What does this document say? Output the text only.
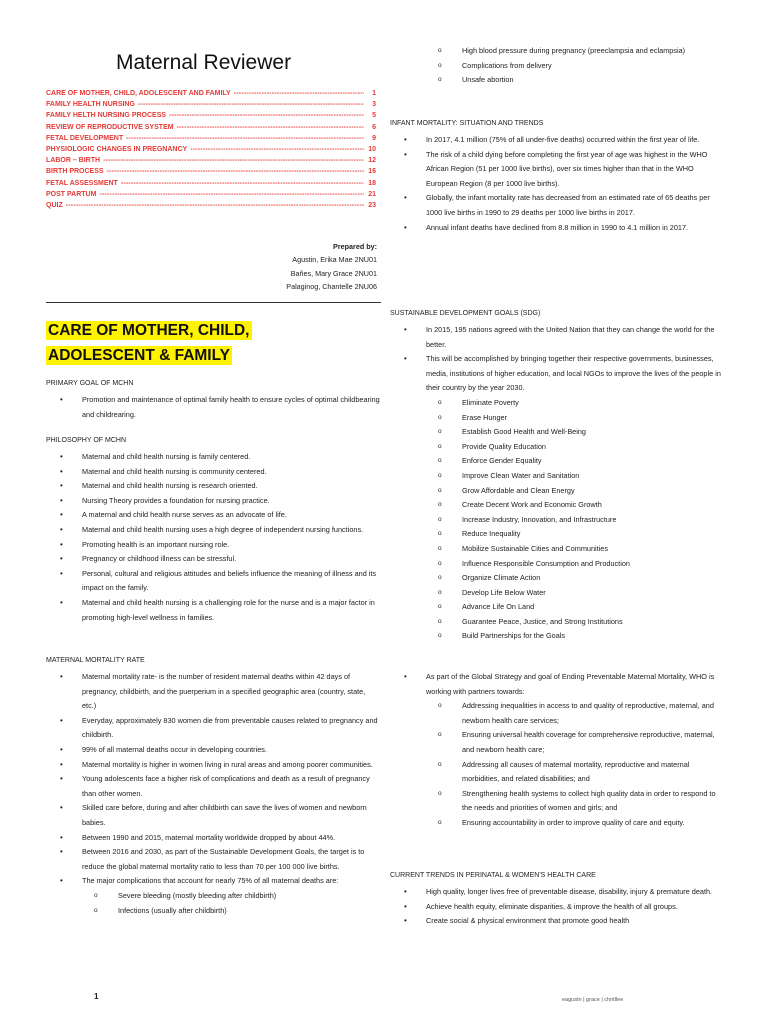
Maternal Reviewer
CARE OF MOTHER, CHILD, ADOLESCENT AND FAMILY -----	1
FAMILY HEALTH NURSING -----	3
FAMILY HELTH NURSING PROCESS -----	5
REVIEW OF REPRODUCTIVE SYSTEM -----	6
FETAL DEVELOPMENT -----	9
PHYSIOLOGIC CHANGES IN PREGNANCY -----	10
LABOR – BIRTH -----	12
BIRTH PROCESS -----	16
FETAL ASSESSMENT -----	18
POST PARTUM -----	21
QUIZ -----	23
Prepared by:
Agustin, Erika Mae 2NU01
Bañes, Mary Grace 2NU01
Palaginog, Chantelle 2NU06
CARE OF MOTHER, CHILD, ADOLESCENT & FAMILY
PRIMARY GOAL OF MCHN
• Promotion and maintenance of optimal family health to ensure cycles of optimal childbearing and childrearing.
PHILOSOPHY OF MCHN
• Maternal and child health nursing is family centered.
• Maternal and child health nursing is community centered.
• Maternal and child health nursing is research oriented.
• Nursing Theory provides a foundation for nursing practice.
• A maternal and child health nurse serves as an advocate of life.
• Maternal and child health nursing uses a high degree of independent nursing functions.
• Promoting health is an important nursing role.
• Pregnancy or childhood illness can be stressful.
• Personal, cultural and religious attitudes and beliefs influence the meaning of illness and its impact on the family.
• Maternal and child health nursing is a challenging role for the nurse and is a major factor in promoting high-level wellness in families.
MATERNAL MORTALITY RATE
• Maternal mortality rate- is the number of resident maternal deaths within 42 days of pregnancy, childbirth, and the puerperium in a specified geographic area (country, state, etc.)
• Everyday, approximately 830 women die from preventable causes related to pregnancy and childbirth.
• 99% of all maternal deaths occur in developing countries.
• Maternal mortality is higher in women living in rural areas and among poorer communities.
• Young adolescents face a higher risk of complications and death as a result of pregnancy than other women.
• Skilled care before, during and after childbirth can save the lives of women and newborn babies.
• Between 1990 and 2015, maternal mortality worldwide dropped by about 44%.
• Between 2016 and 2030, as part of the Sustainable Development Goals, the target is to reduce the global maternal mortality ratio to less than 70 per 100 000 live births.
• The major complications that account for nearly 75% of all maternal deaths are:
o Severe bleeding (mostly bleeding after childbirth)
o Infections (usually after childbirth)
1
o High blood pressure during pregnancy (preeclampsia and eclampsia)
o Complications from delivery
o Unsafe abortion
INFANT MORTALITY: SITUATION AND TRENDS
• In 2017, 4.1 million (75% of all under-five deaths) occurred within the first year of life.
• The risk of a child dying before completing the first year of age was highest in the WHO African Region (51 per 1000 live births), over six times higher than that in the WHO European Region (8 per 1000 live births).
• Globally, the infant mortality rate has decreased from an estimated rate of 65 deaths per 1000 live births in 1990 to 29 deaths per 1000 live births in 2017.
• Annual infant deaths have declined from 8.8 million in 1990 to 4.1 million in 2017.
SUSTAINABLE DEVELOPMENT GOALS (SDG)
• In 2015, 195 nations agreed with the United Nation that they can change the world for the better.
• This will be accomplished by bringing together their respective governments, businesses, media, institutions of higher education, and local NGOs to improve the lives of the people in their country by the year 2030.
o Eliminate Poverty
o Erase Hunger
o Establish Good Health and Well-Being
o Provide Quality Education
o Enforce Gender Equality
o Improve Clean Water and Sanitation
o Grow Affordable and Clean Energy
o Create Decent Work and Economic Growth
o Increase Industry, Innovation, and Infrastructure
o Reduce Inequality
o Mobilize Sustainable Cities and Communities
o Influence Responsible Consumption and Production
o Organize Climate Action
o Develop Life Below Water
o Advance Life On Land
o Guarantee Peace, Justice, and Strong Institutions
o Build Partnerships for the Goals
• As part of the Global Strategy and goal of Ending Preventable Maternal Mortality, WHO is working with partners towards:
o Addressing inequalities in access to and quality of reproductive, maternal, and newborn health care services;
o Ensuring universal health coverage for comprehensive reproductive, maternal, and newborn health care;
o Addressing all causes of maternal mortality, reproductive and maternal morbidities, and related disabilities; and
o Strengthening health systems to collect high quality data in order to respond to the needs and priorities of women and girls; and
o Ensuring accountability in order to improve quality of care and equity.
CURRENT TRENDS IN PERINATAL & WOMEN'S HEALTH CARE
• High quality, longer lives free of preventable disease, disability, injury & premature death.
• Achieve health equity, eliminate disparities, & improve the health of all groups.
• Create social & physical environment that promote good health
eagustn | grace | chntllee
